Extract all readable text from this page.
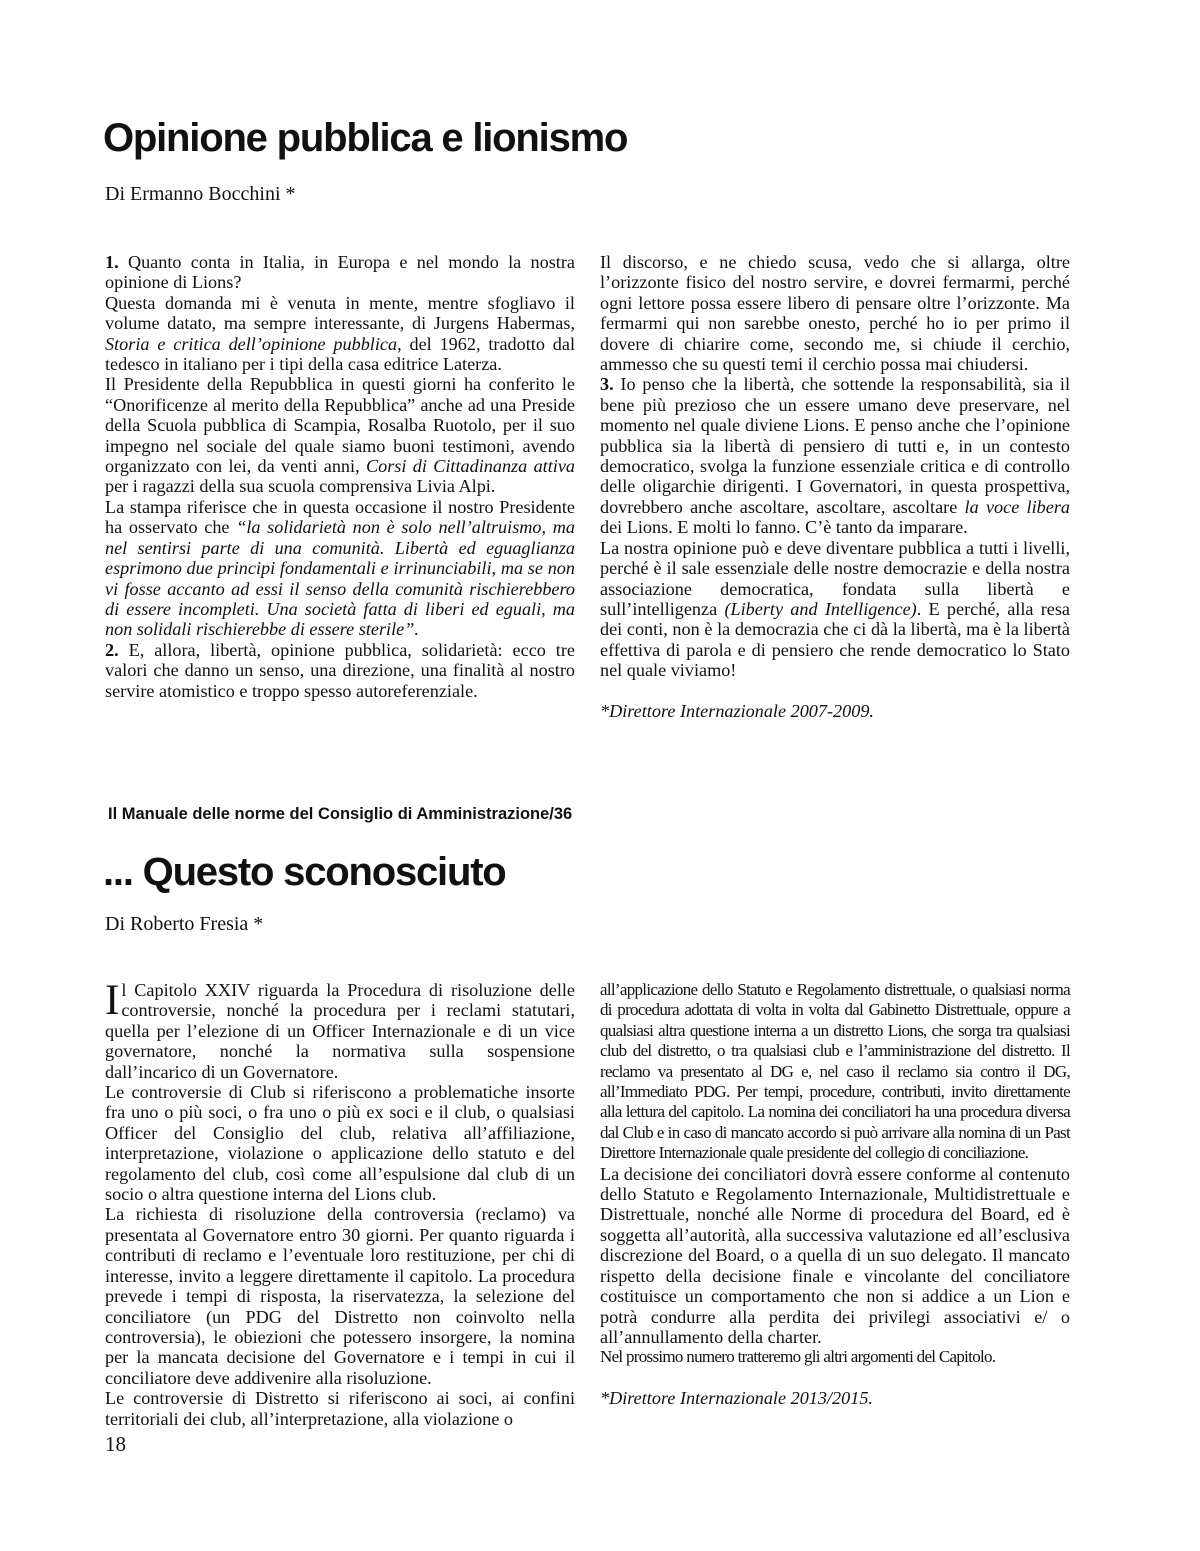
Opinione pubblica e lionismo
Di Ermanno Bocchini *

1. Quanto conta in Italia, in Europa e nel mondo la nostra opinione di Lions?

Questa domanda mi è venuta in mente, mentre sfogliavo il volume datato, ma sempre interessante, di Jurgens Habermas, Storia e critica dell’opinione pubblica, del 1962, tradotto dal tedesco in italiano per i tipi della casa editrice Laterza.

Il Presidente della Repubblica in questi giorni ha conferito le “Onorificenze al merito della Repubblica” anche ad una Preside della Scuola pubblica di Scampia, Rosalba Ruotolo, per il suo impegno nel sociale del quale siamo buoni testimoni, avendo organizzato con lei, da venti anni, Corsi di Cittadinanza attiva per i ragazzi della sua scuola comprensiva Livia Alpi.

La stampa riferisce che in questa occasione il nostro Presidente ha osservato che “la solidarietà non è solo nell’altruismo, ma nel sentirsi parte di una comunità. Libertà ed eguaglianza esprimono due principi fondamentali e irrinunciabili, ma se non vi fosse accanto ad essi il senso della comunità rischierebbero di essere incompleti. Una società fatta di liberi ed eguali, ma non solidali rischierebbe di essere sterile”.

2. E, allora, libertà, opinione pubblica, solidarietà: ecco tre valori che danno un senso, una direzione, una finalità al nostro servire atomistico e troppo spesso autoreferenziale.

Il discorso, e ne chiedo scusa, vedo che si allarga, oltre l’orizzonte fisico del nostro servire, e dovrei fermarmi, perché ogni lettore possa essere libero di pensare oltre l’orizzonte. Ma fermarmi qui non sarebbe onesto, perché ho io per primo il dovere di chiarire come, secondo me, si chiude il cerchio, ammesso che su questi temi il cerchio possa mai chiudersi.

3. Io penso che la libertà, che sottende la responsabilità, sia il bene più prezioso che un essere umano deve preservare, nel momento nel quale diviene Lions. E penso anche che l’opinione pubblica sia la libertà di pensiero di tutti e, in un contesto democratico, svolga la funzione essenziale critica e di controllo delle oligarchie dirigenti. I Governatori, in questa prospettiva, dovrebbero anche ascoltare, ascoltare, ascoltare la voce libera dei Lions. E molti lo fanno. C’è tanto da imparare.

La nostra opinione può e deve diventare pubblica a tutti i livelli, perché è il sale essenziale delle nostre democrazie e della nostra associazione democratica, fondata sulla libertà e sull’intelligenza (Liberty and Intelligence). E perché, alla resa dei conti, non è la democrazia che ci dà la libertà, ma è la libertà effettiva di parola e di pensiero che rende democratico lo Stato nel quale viviamo!

*Direttore Internazionale 2007-2009.

Il Manuale delle norme del Consiglio di Amministrazione/36
... Questo sconosciuto
Di Roberto Fresia *

Il Capitolo XXIV riguarda la Procedura di risoluzione delle controversie, nonché la procedura per i reclami statutari, quella per l’elezione di un Officer Internazionale e di un vice governatore, nonché la normativa sulla sospensione dall’incarico di un Governatore.

Le controversie di Club si riferiscono a problematiche insorte fra uno o più soci, o fra uno o più ex soci e il club, o qualsiasi Officer del Consiglio del club, relativa all’affiliazione, interpretazione, violazione o applicazione dello statuto e del regolamento del club, così come all’espulsione dal club di un socio o altra questione interna del Lions club.

La richiesta di risoluzione della controversia (reclamo) va presentata al Governatore entro 30 giorni. Per quanto riguarda i contributi di reclamo e l’eventuale loro restituzione, per chi di interesse, invito a leggere direttamente il capitolo. La procedura prevede i tempi di risposta, la riservatezza, la selezione del conciliatore (un PDG del Distretto non coinvolto nella controversia), le obiezioni che potessero insorgere, la nomina per la mancata decisione del Governatore e i tempi in cui il conciliatore deve addivenire alla risoluzione.

Le controversie di Distretto si riferiscono ai soci, ai confini territoriali dei club, all’interpretazione, alla violazione o

all’applicazione dello Statuto e Regolamento distrettuale, o qualsiasi norma di procedura adottata di volta in volta dal Gabinetto Distrettuale, oppure a qualsiasi altra questione interna a un distretto Lions, che sorga tra qualsiasi club del distretto, o tra qualsiasi club e l’amministrazione del distretto. Il reclamo va presentato al DG e, nel caso il reclamo sia contro il DG, all’Immediato PDG. Per tempi, procedure, contributi, invito direttamente alla lettura del capitolo. La nomina dei conciliatori ha una procedura diversa dal Club e in caso di mancato accordo si può arrivare alla nomina di un Past Direttore Internazionale quale presidente del collegio di conciliazione.

La decisione dei conciliatori dovrà essere conforme al contenuto dello Statuto e Regolamento Internazionale, Multidistrettuale e Distrettuale, nonché alle Norme di procedura del Board, ed è soggetta all’autorità, alla successiva valutazione ed all’esclusiva discrezione del Board, o a quella di un suo delegato. Il mancato rispetto della decisione finale e vincolante del conciliatore costituisce un comportamento che non si addice a un Lion e potrà condurre alla perdita dei privilegi associativi e/ o all’annullamento della charter.

Nel prossimo numero tratteremo gli altri argomenti del Capitolo.

*Direttore Internazionale 2013/2015.

18
